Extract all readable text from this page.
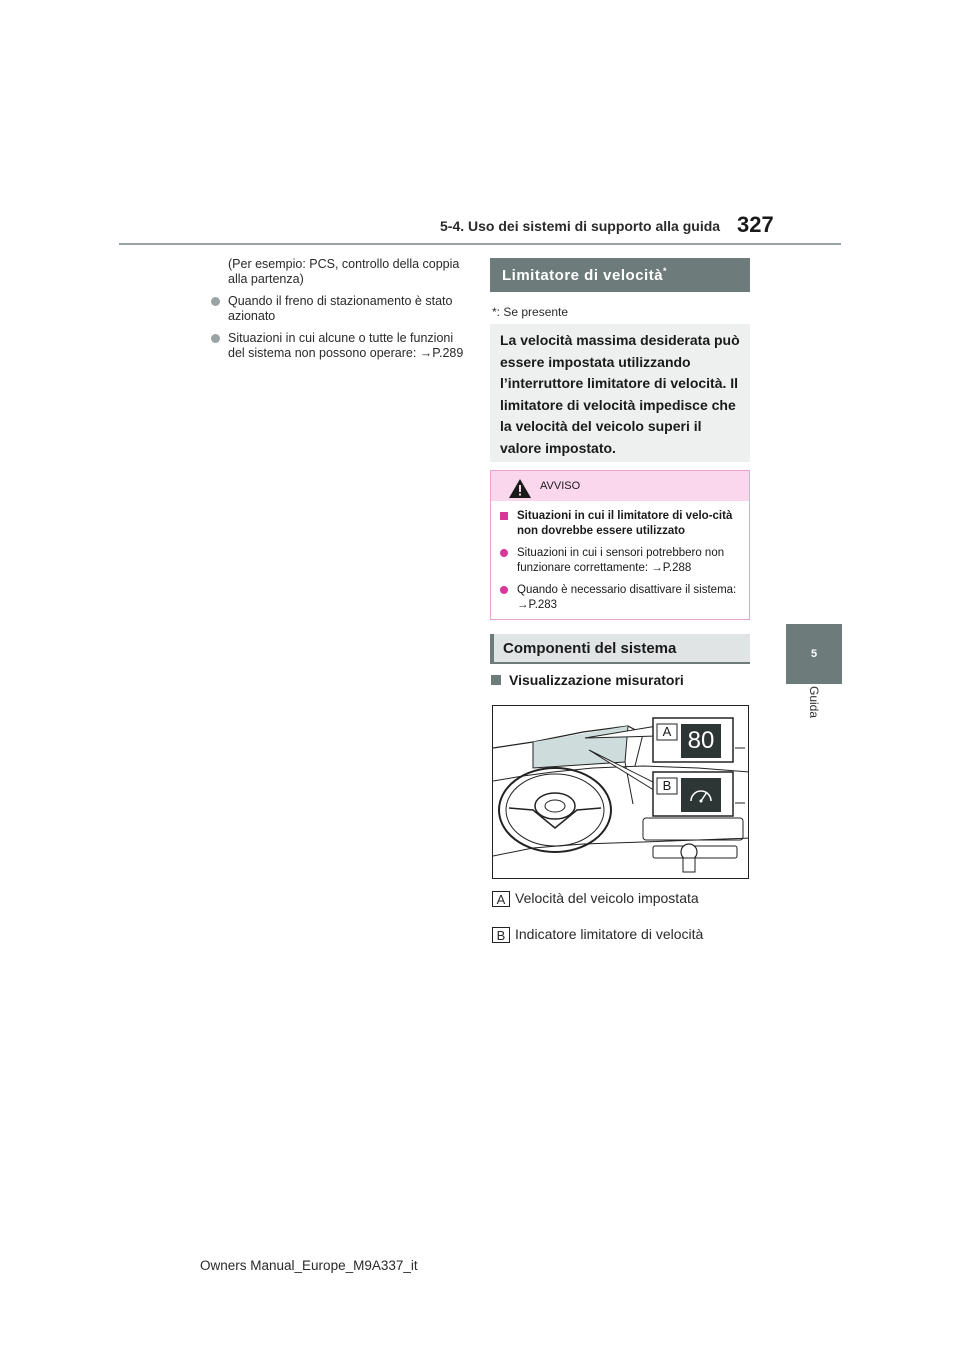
5-4. Uso dei sistemi di supporto alla guida 327
5
Guida
(Per esempio: PCS, controllo della coppia alla partenza)
Quando il freno di stazionamento è stato azionato
Situazioni in cui alcune o tutte le funzioni del sistema non possono operare: →P.289
Limitatore di velocità*
*: Se presente
La velocità massima desiderata può essere impostata utilizzando l’interruttore limitatore di velocità. Il limitatore di velocità impedisce che la velocità del veicolo superi il valore impostato.
AVVISO
Situazioni in cui il limitatore di velo-cità non dovrebbe essere utilizzato
Situazioni in cui i sensori potrebbero non funzionare correttamente: →P.288
Quando è necessario disattivare il sistema: →P.283
Componenti del sistema
Visualizzazione misuratori
A
B
80
A Velocità del veicolo impostata
B Indicatore limitatore di velocità
Owners Manual_Europe_M9A337_it
